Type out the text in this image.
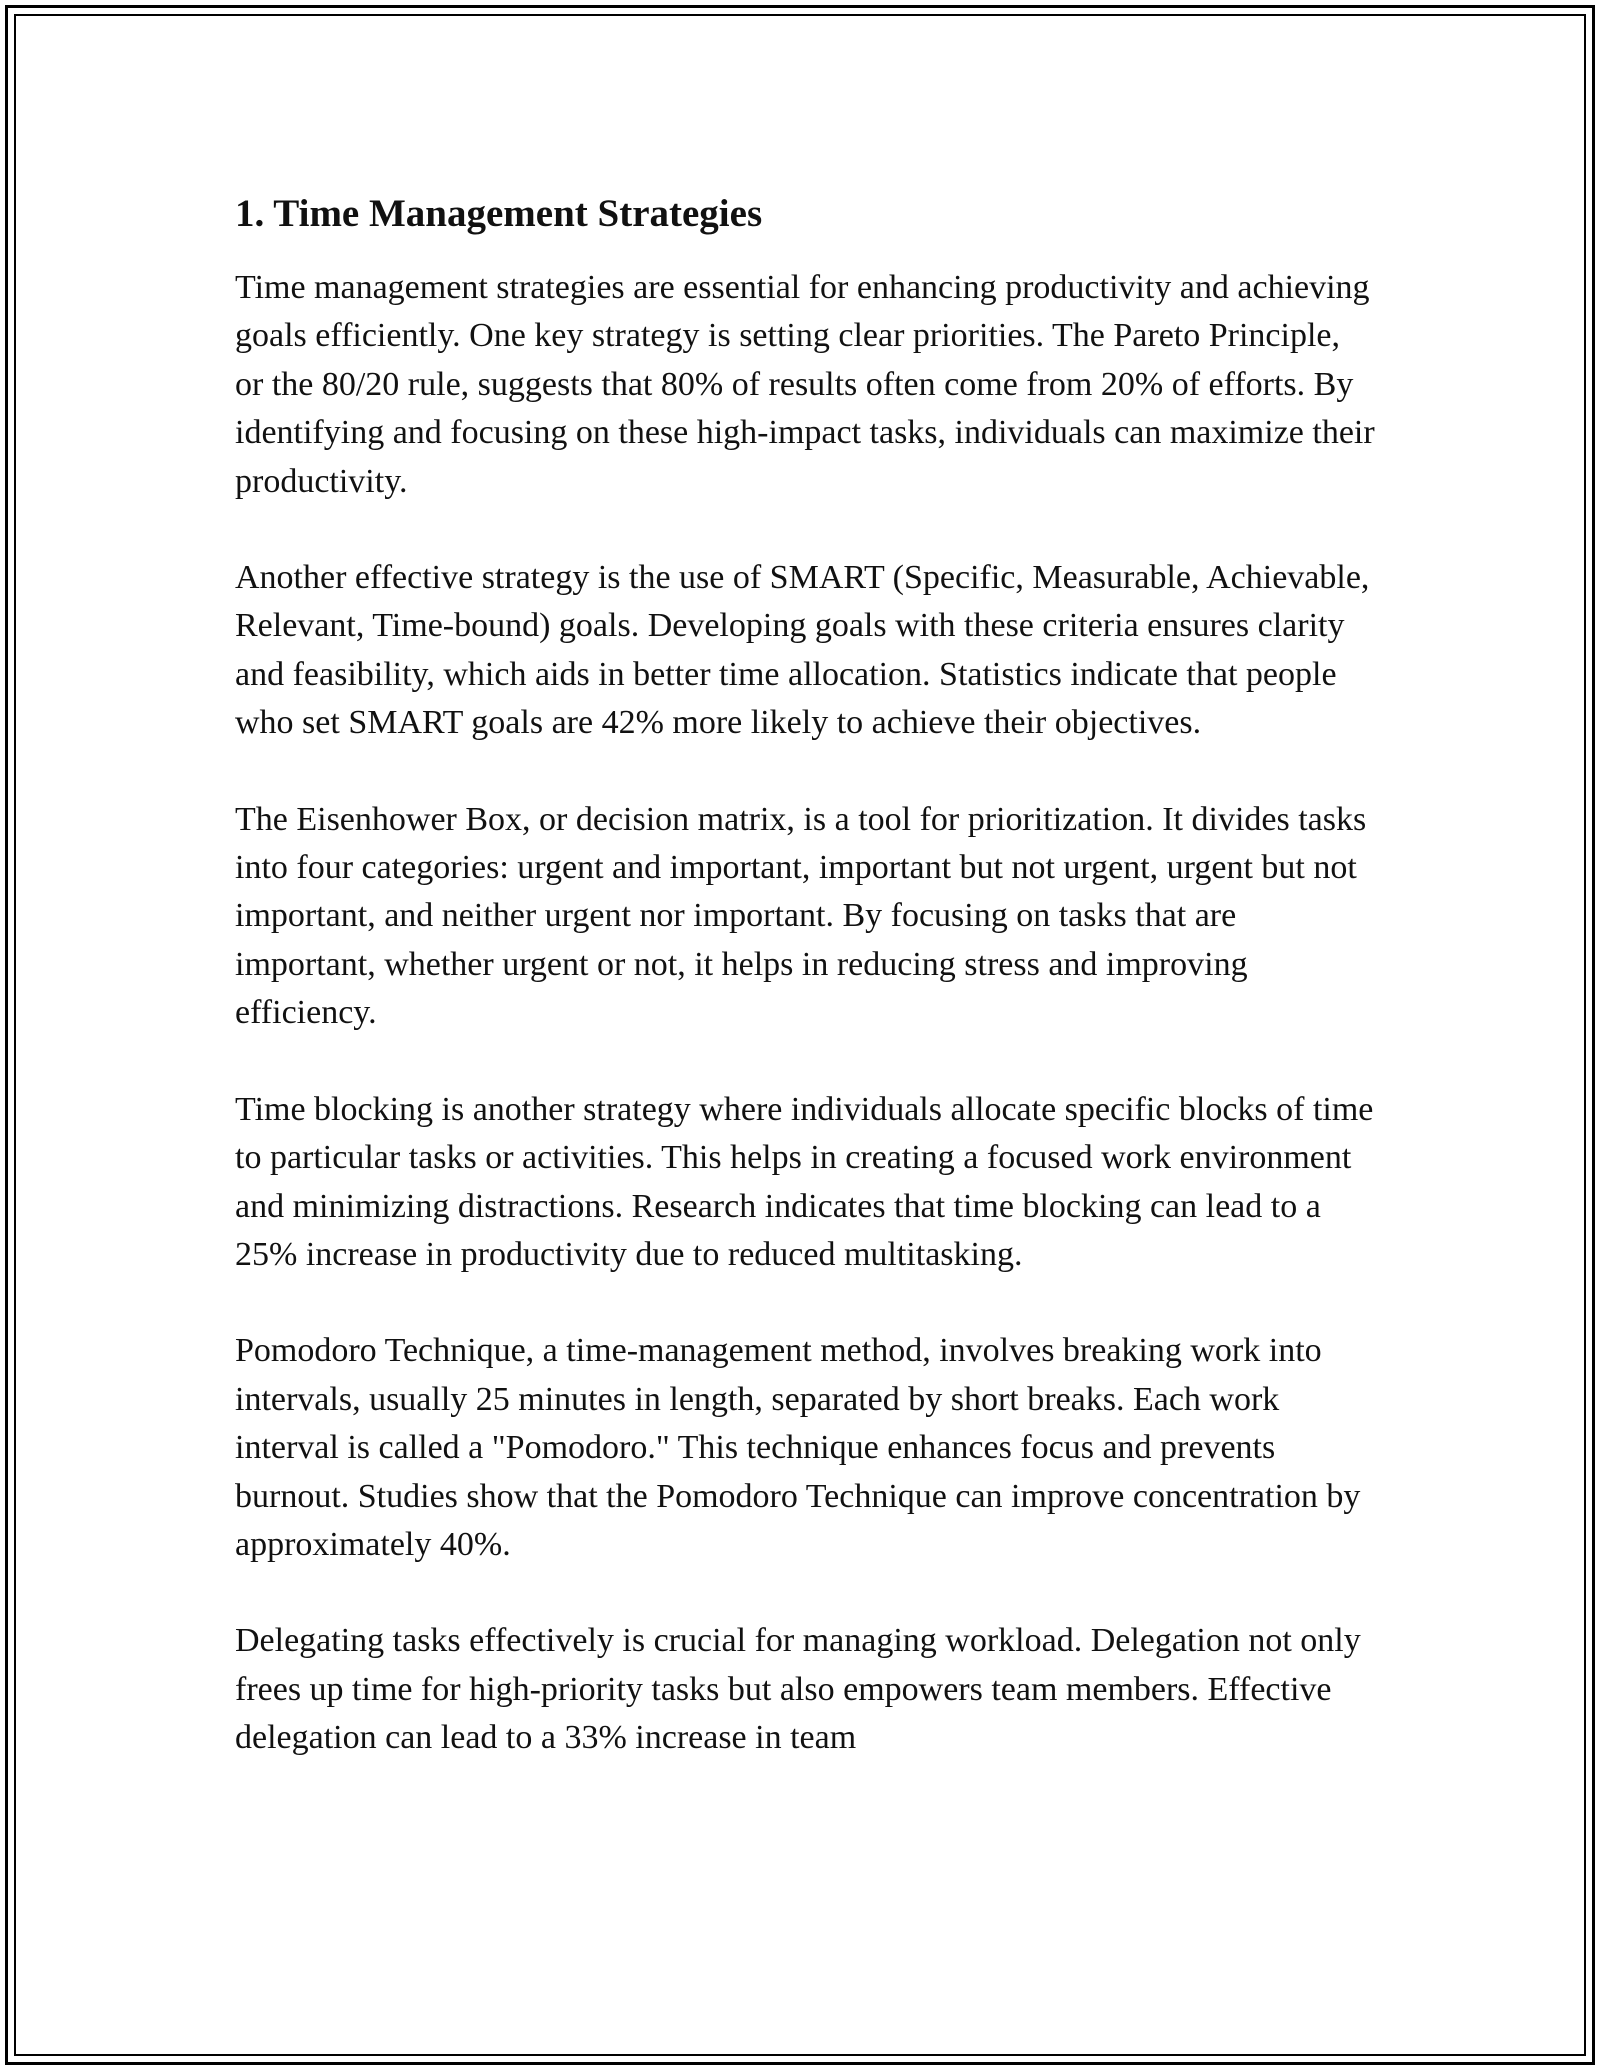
1. Time Management Strategies

Time management strategies are essential for enhancing productivity and achieving goals efficiently. One key strategy is setting clear priorities. The Pareto Principle, or the 80/20 rule, suggests that 80% of results often come from 20% of efforts. By identifying and focusing on these high-impact tasks, individuals can maximize their productivity.

Another effective strategy is the use of SMART (Specific, Measurable, Achievable, Relevant, Time-bound) goals. Developing goals with these criteria ensures clarity and feasibility, which aids in better time allocation. Statistics indicate that people who set SMART goals are 42% more likely to achieve their objectives.

The Eisenhower Box, or decision matrix, is a tool for prioritization. It divides tasks into four categories: urgent and important, important but not urgent, urgent but not important, and neither urgent nor important. By focusing on tasks that are important, whether urgent or not, it helps in reducing stress and improving efficiency.

Time blocking is another strategy where individuals allocate specific blocks of time to particular tasks or activities. This helps in creating a focused work environment and minimizing distractions. Research indicates that time blocking can lead to a 25% increase in productivity due to reduced multitasking.

Pomodoro Technique, a time-management method, involves breaking work into intervals, usually 25 minutes in length, separated by short breaks. Each work interval is called a "Pomodoro." This technique enhances focus and prevents burnout. Studies show that the Pomodoro Technique can improve concentration by approximately 40%.

Delegating tasks effectively is crucial for managing workload. Delegation not only frees up time for high-priority tasks but also empowers team members. Effective delegation can lead to a 33% increase in team
